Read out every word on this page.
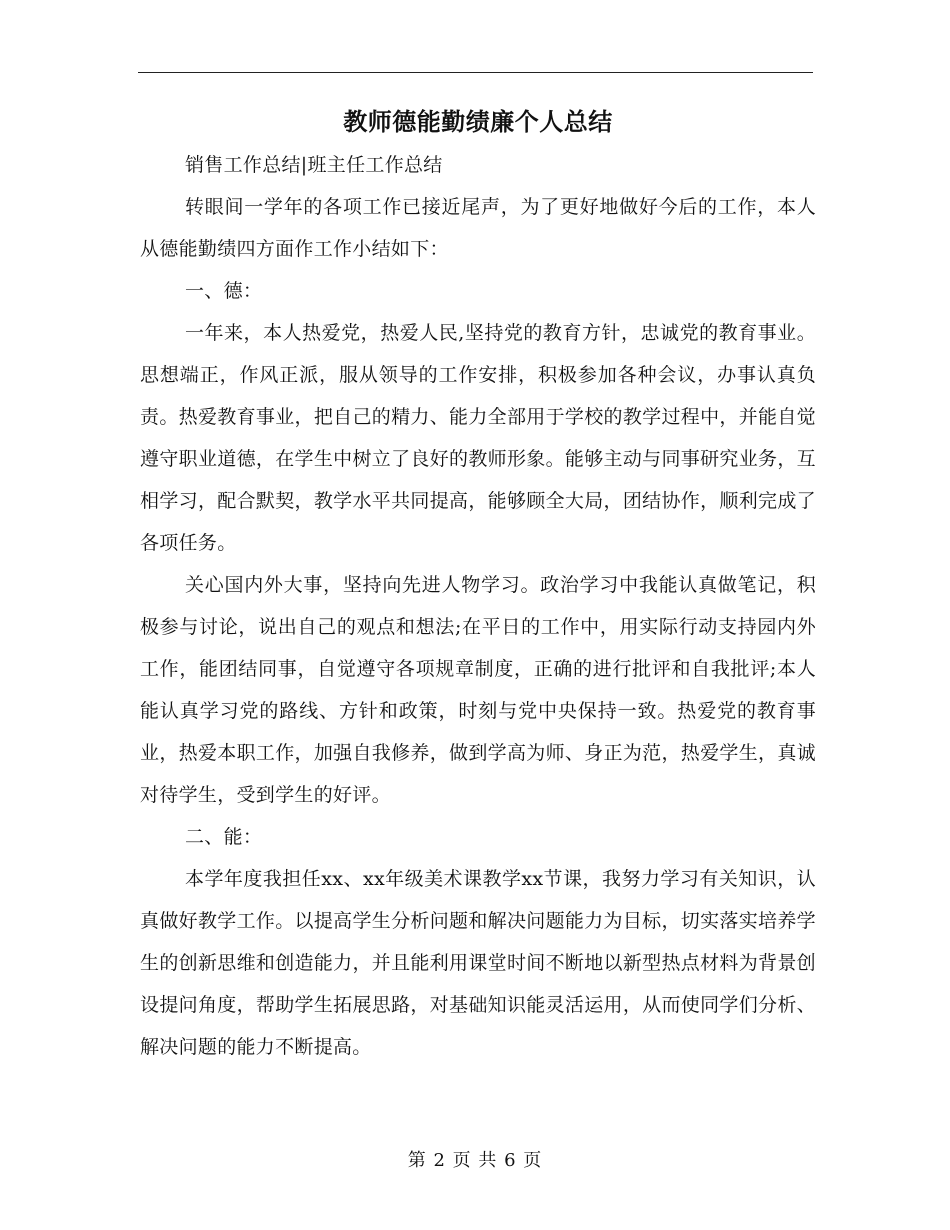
教师德能勤绩廉个人总结

销售工作总结|班主任工作总结

转眼间一学年的各项工作已接近尾声，为了更好地做好今后的工作，本人从德能勤绩四方面作工作小结如下：

一、德：

一年来，本人热爱党，热爱人民,坚持党的教育方针，忠诚党的教育事业。思想端正，作风正派，服从领导的工作安排，积极参加各种会议，办事认真负责。热爱教育事业，把自己的精力、能力全部用于学校的教学过程中，并能自觉遵守职业道德，在学生中树立了良好的教师形象。能够主动与同事研究业务，互相学习，配合默契，教学水平共同提高，能够顾全大局，团结协作，顺利完成了各项任务。

关心国内外大事，坚持向先进人物学习。政治学习中我能认真做笔记，积极参与讨论，说出自己的观点和想法;在平日的工作中，用实际行动支持园内外工作，能团结同事，自觉遵守各项规章制度，正确的进行批评和自我批评;本人能认真学习党的路线、方针和政策，时刻与党中央保持一致。热爱党的教育事业，热爱本职工作，加强自我修养，做到学高为师、身正为范，热爱学生，真诚对待学生，受到学生的好评。

二、能：

本学年度我担任xx、xx年级美术课教学xx节课，我努力学习有关知识，认真做好教学工作。以提高学生分析问题和解决问题能力为目标，切实落实培养学生的创新思维和创造能力，并且能利用课堂时间不断地以新型热点材料为背景创设提问角度，帮助学生拓展思路，对基础知识能灵活运用，从而使同学们分析、解决问题的能力不断提高。

第 2 页 共 6 页
